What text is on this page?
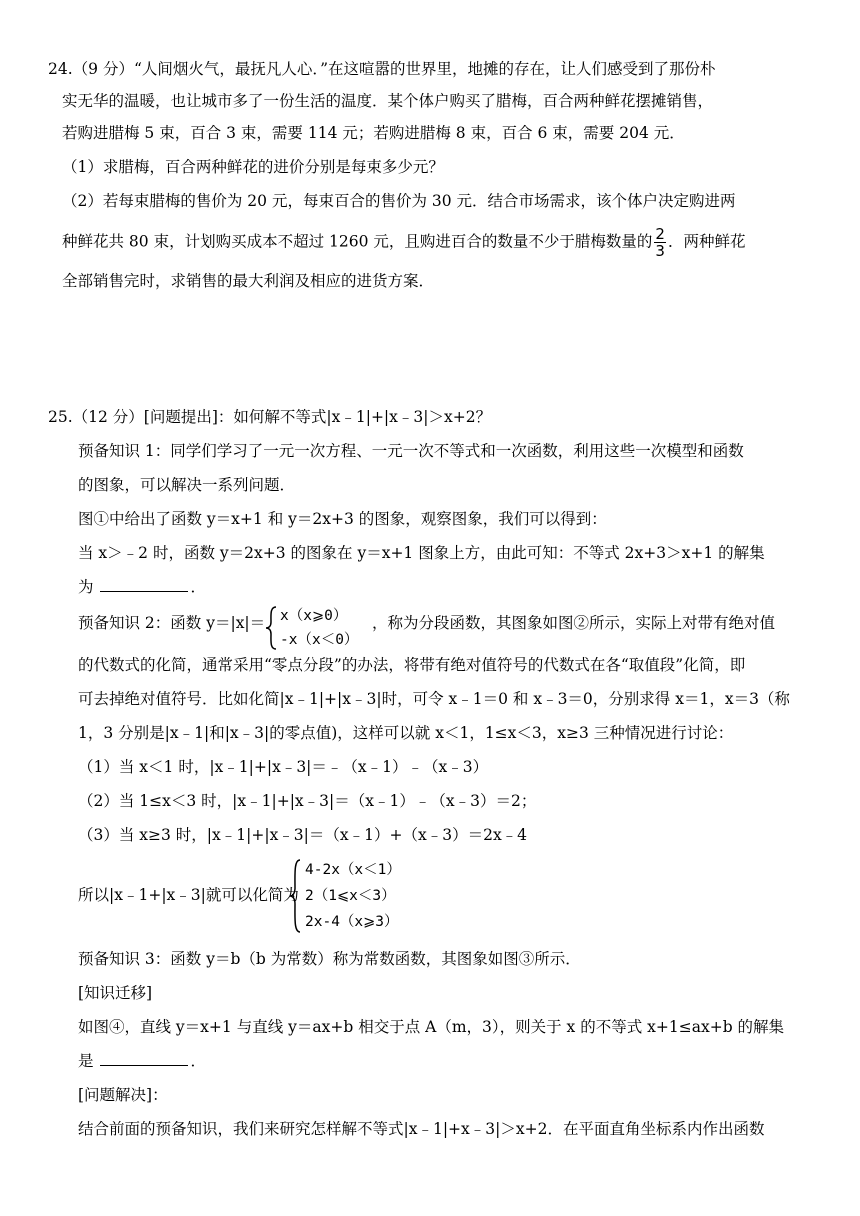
24.（9 分）“人间烟火气，最抚凡人心．”在这喧嚣的世界里，地摊的存在，让人们感受到了那份朴
实无华的温暖，也让城市多了一份生活的温度．某个体户购买了腊梅，百合两种鲜花摆摊销售，
若购进腊梅 5 束，百合 3 束，需要 114 元；若购进腊梅 8 束，百合 6 束，需要 204 元．
（1）求腊梅，百合两种鲜花的进价分别是每束多少元？
（2）若每束腊梅的售价为 20 元，每束百合的售价为 30 元．结合市场需求，该个体户决定购进两
种鲜花共 80 束，计划购买成本不超过 1260 元，且购进百合的数量不少于腊梅数量的 $\frac{2}{3}$ ．两种鲜花
全部销售完时，求销售的最大利润及相应的进货方案．
25.（12 分）[问题提出]：如何解不等式|x﹣1|+|x﹣3|＞x+2？
预备知识 1：同学们学习了一元一次方程、一元一次不等式和一次函数，利用这些一次模型和函数
的图象，可以解决一系列问题．
图①中给出了函数 y＝x+1 和 y＝2x+3 的图象，观察图象，我们可以得到：
当 x＞﹣2 时，函数 y＝2x+3 的图象在 y＝x+1 图象上方，由此可知：不等式 2x+3＞x+1 的解集
为	．
预备知识 2：函数 y＝|x|＝ x（x⩾0）
-x（x＜0）
，称为分段函数，其图象如图②所示，实际上对带有绝对值
的代数式的化简，通常采用“零点分段”的办法，将带有绝对值符号的代数式在各“取值段”化简，即
可去掉绝对值符号．比如化简|x﹣1|+|x﹣3|时，可令 x﹣1＝0 和 x﹣3＝0，分别求得 x＝1，x＝3（称
1，3 分别是|x﹣1|和|x﹣3|的零点值)，这样可以就 x＜1，1≤x＜3，x≥3 三种情况进行讨论：
（1）当 x＜1 时，|x﹣1|+|x﹣3|＝﹣（x﹣1）﹣（x﹣3）
（2）当 1≤x＜3 时，|x﹣1|+|x﹣3|＝（x﹣1）﹣（x﹣3）＝2；
（3）当 x≥3 时，|x﹣1|+|x﹣3|＝（x﹣1）+（x﹣3）＝2x﹣4
所以|x﹣1+|x﹣3|就可以化简为
4-2x（x＜1）
2（1⩽x＜3）
2x-4（x⩾3）
预备知识 3：函数 y＝b（b 为常数）称为常数函数，其图象如图③所示．
[知识迁移]
如图④，直线 y＝x+1 与直线 y＝ax+b 相交于点 A（m，3），则关于 x 的不等式 x+1≤ax+b 的解集
是	．
[问题解决]：
结合前面的预备知识，我们来研究怎样解不等式|x﹣1|+x﹣3|＞x+2．在平面直角坐标系内作出函数
